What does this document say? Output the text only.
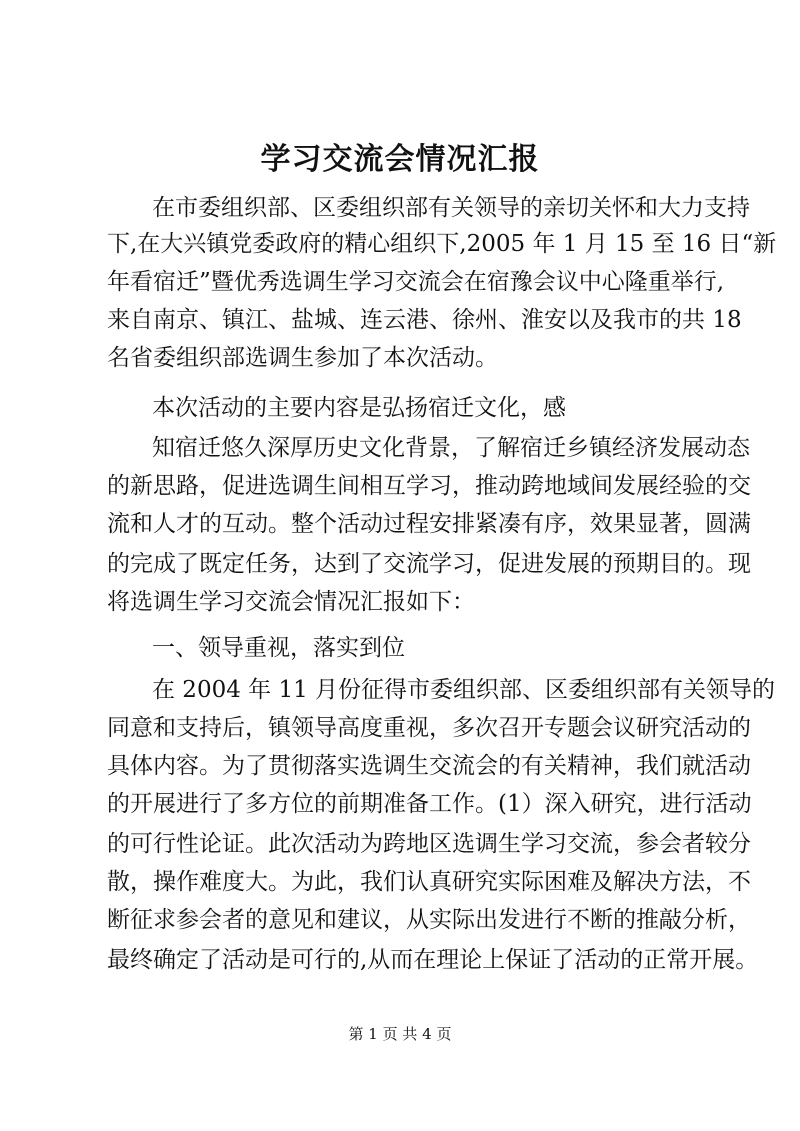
学习交流会情况汇报
在市委组织部、区委组织部有关领导的亲切关怀和大力支持
下,在大兴镇党委政府的精心组织下,2005 年 1 月 15 至 16 日“新
年看宿迁”暨优秀选调生学习交流会在宿豫会议中心隆重举行,
来自南京、镇江、盐城、连云港、徐州、淮安以及我市的共 18
名省委组织部选调生参加了本次活动。
本次活动的主要内容是弘扬宿迁文化，感
知宿迁悠久深厚历史文化背景，了解宿迁乡镇经济发展动态
的新思路，促进选调生间相互学习，推动跨地域间发展经验的交
流和人才的互动。整个活动过程安排紧凑有序，效果显著，圆满
的完成了既定任务，达到了交流学习，促进发展的预期目的。现
将选调生学习交流会情况汇报如下：
一、领导重视，落实到位
在 2004 年 11 月份征得市委组织部、区委组织部有关领导的
同意和支持后，镇领导高度重视，多次召开专题会议研究活动的
具体内容。为了贯彻落实选调生交流会的有关精神，我们就活动
的开展进行了多方位的前期准备工作。(1）深入研究，进行活动
的可行性论证。此次活动为跨地区选调生学习交流，参会者较分
散，操作难度大。为此，我们认真研究实际困难及解决方法，不
断征求参会者的意见和建议，从实际出发进行不断的推敲分析，
最终确定了活动是可行的,从而在理论上保证了活动的正常开展。
第 1 页 共 4 页
